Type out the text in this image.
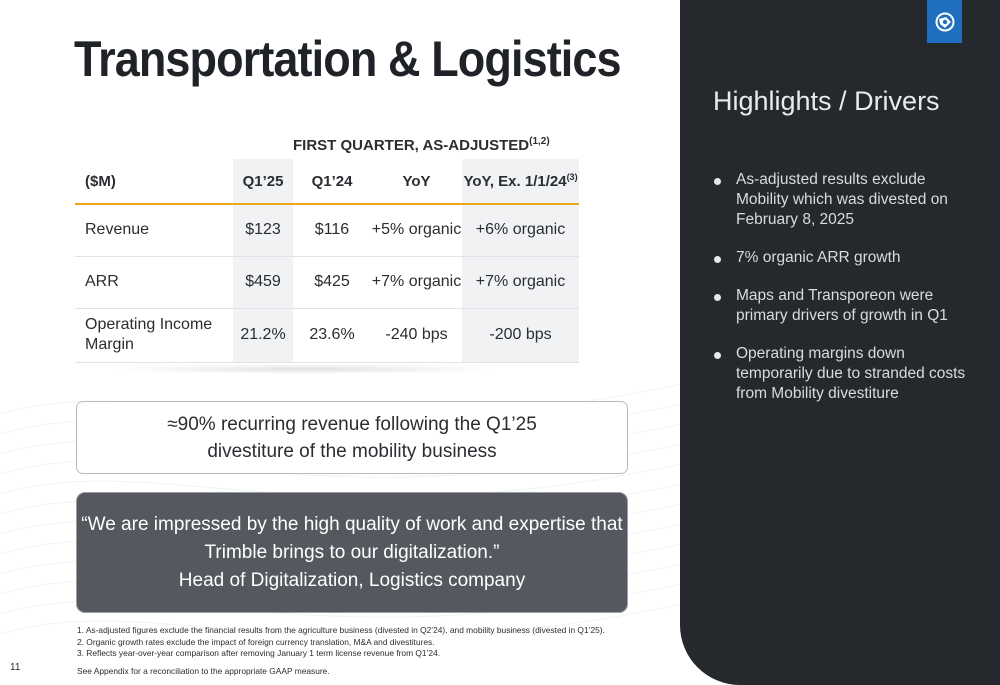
Transportation & Logistics
FIRST QUARTER, AS-ADJUSTED$^{(1,2)}$
($M)	Q1’25	Q1’24	YoY	YoY, Ex. 1/1/24$^{(3)}$
Revenue	$123	$116	+5% organic	+6% organic
ARR	$459	$425	+7% organic	+7% organic
Operating Income Margin	21.2%	23.6%	-240 bps	-200 bps
≈90% recurring revenue following the Q1’25
divestiture of the mobility business
“We are impressed by the high quality of work and expertise that
Trimble brings to our digitalization.”
Head of Digitalization, Logistics company
1. As-adjusted figures exclude the financial results from the agriculture business (divested in Q2’24), and mobility business (divested in Q1’25).
2. Organic growth rates exclude the impact of foreign currency translation, M&A and divestitures.
3. Reflects year-over-year comparison after removing January 1 term license revenue from Q1’24.
See Appendix for a reconciliation to the appropriate GAAP measure.
11
Highlights / Drivers
As-adjusted results exclude Mobility which was divested on February 8, 2025
7% organic ARR growth
Maps and Transporeon were primary drivers of growth in Q1
Operating margins down temporarily due to stranded costs from Mobility divestiture
